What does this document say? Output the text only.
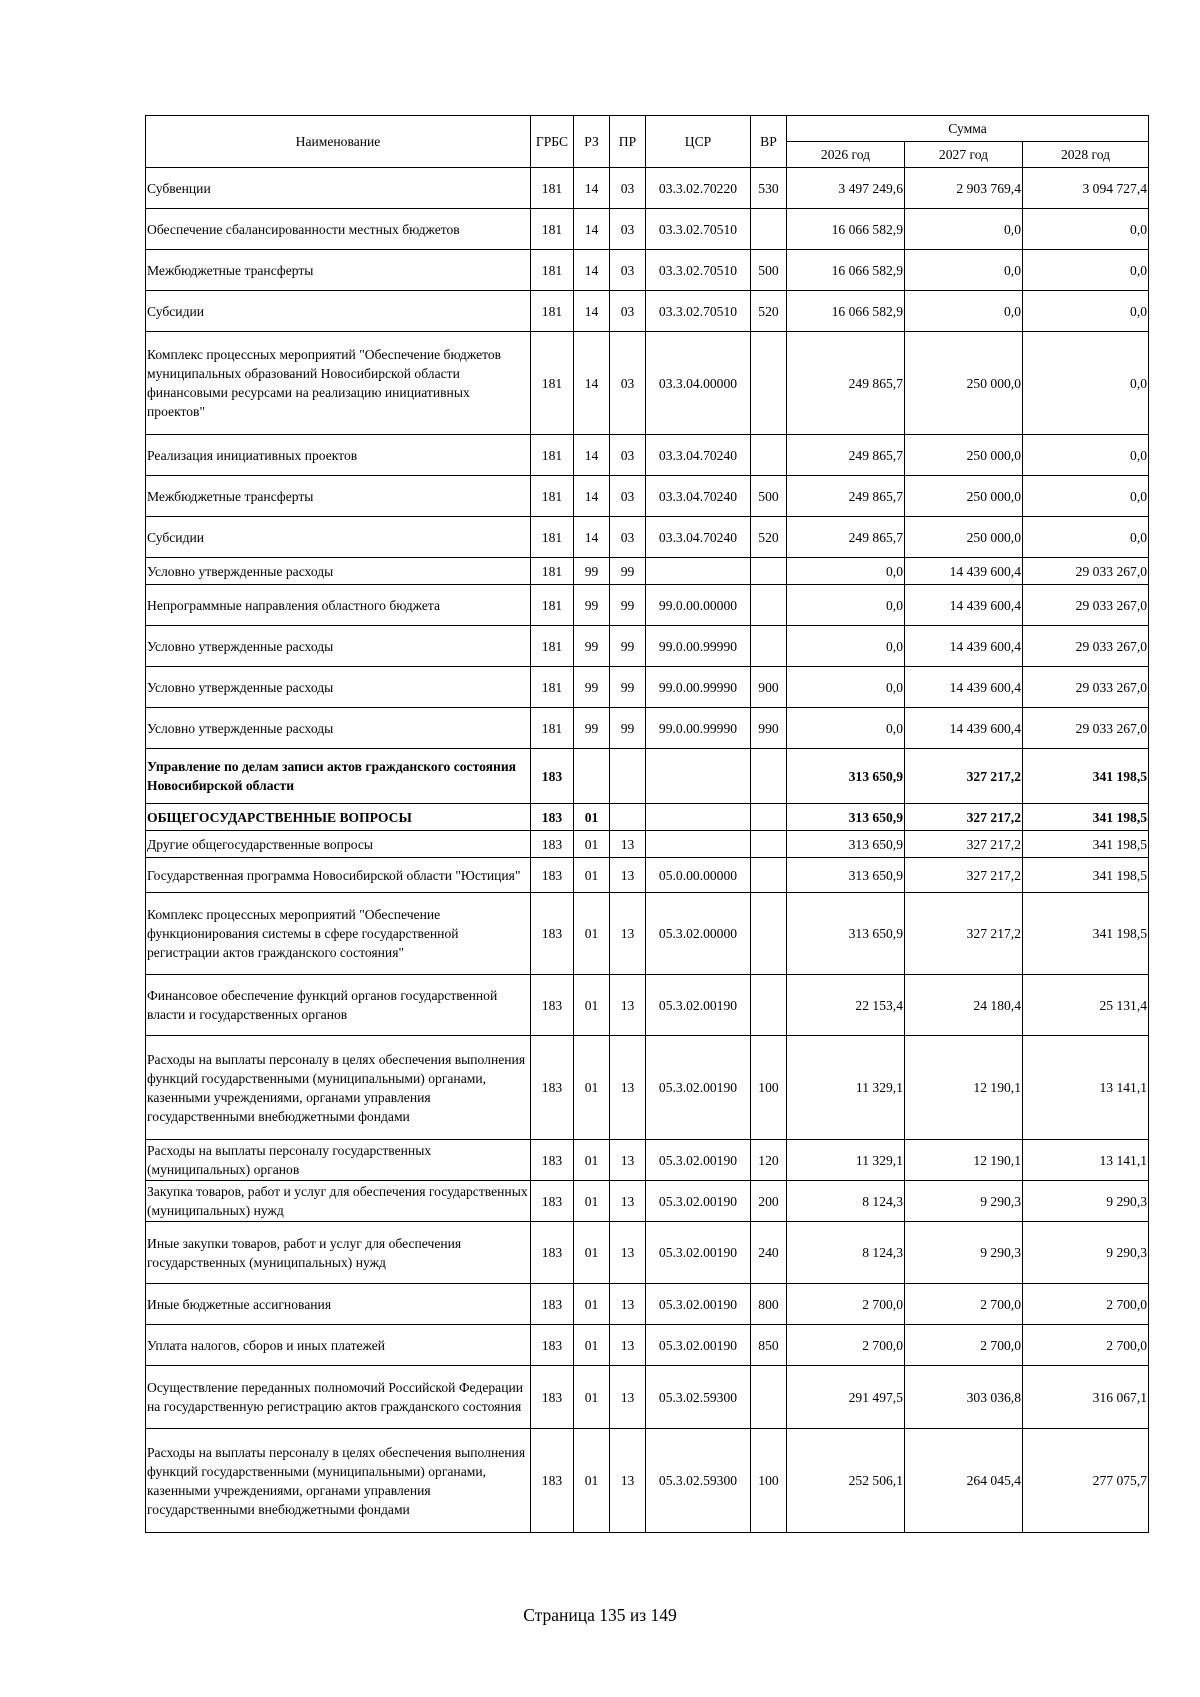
Наименование	ГРБС	РЗ	ПР	ЦСР	ВР	Сумма		
						2026 год	2027 год	2028 год
Субвенции	181	14	03	03.3.02.70220	530	3 497 249,6	2 903 769,4	3 094 727,4
Обеспечение сбалансированности местных бюджетов	181	14	03	03.3.02.70510		16 066 582,9	0,0	0,0
Межбюджетные трансферты	181	14	03	03.3.02.70510	500	16 066 582,9	0,0	0,0
Субсидии	181	14	03	03.3.02.70510	520	16 066 582,9	0,0	0,0
Комплекс процессных мероприятий "Обеспечение бюджетов муниципальных образований Новосибирской области финансовыми ресурсами на реализацию инициативных проектов"	181	14	03	03.3.04.00000		249 865,7	250 000,0	0,0
Реализация инициативных проектов	181	14	03	03.3.04.70240		249 865,7	250 000,0	0,0
Межбюджетные трансферты	181	14	03	03.3.04.70240	500	249 865,7	250 000,0	0,0
Субсидии	181	14	03	03.3.04.70240	520	249 865,7	250 000,0	0,0
Условно утвержденные расходы	181	99	99			0,0	14 439 600,4	29 033 267,0
Непрограммные направления областного бюджета	181	99	99	99.0.00.00000		0,0	14 439 600,4	29 033 267,0
Условно утвержденные расходы	181	99	99	99.0.00.99990		0,0	14 439 600,4	29 033 267,0
Условно утвержденные расходы	181	99	99	99.0.00.99990	900	0,0	14 439 600,4	29 033 267,0
Условно утвержденные расходы	181	99	99	99.0.00.99990	990	0,0	14 439 600,4	29 033 267,0
Управление по делам записи актов гражданского состояния Новосибирской области	183					313 650,9	327 217,2	341 198,5
ОБЩЕГОСУДАРСТВЕННЫЕ ВОПРОСЫ	183	01				313 650,9	327 217,2	341 198,5
Другие общегосударственные вопросы	183	01	13			313 650,9	327 217,2	341 198,5
Государственная программа Новосибирской области "Юстиция"	183	01	13	05.0.00.00000		313 650,9	327 217,2	341 198,5
Комплекс процессных мероприятий "Обеспечение функционирования системы в сфере государственной регистрации актов гражданского состояния"	183	01	13	05.3.02.00000		313 650,9	327 217,2	341 198,5
Финансовое обеспечение функций органов государственной власти и государственных органов	183	01	13	05.3.02.00190		22 153,4	24 180,4	25 131,4
Расходы на выплаты персоналу в целях обеспечения выполнения функций государственными (муниципальными) органами, казенными учреждениями, органами управления государственными внебюджетными фондами	183	01	13	05.3.02.00190	100	11 329,1	12 190,1	13 141,1
Расходы на выплаты персоналу государственных (муниципальных) органов	183	01	13	05.3.02.00190	120	11 329,1	12 190,1	13 141,1
Закупка товаров, работ и услуг для обеспечения государственных (муниципальных) нужд	183	01	13	05.3.02.00190	200	8 124,3	9 290,3	9 290,3
Иные закупки товаров, работ и услуг для обеспечения государственных (муниципальных) нужд	183	01	13	05.3.02.00190	240	8 124,3	9 290,3	9 290,3
Иные бюджетные ассигнования	183	01	13	05.3.02.00190	800	2 700,0	2 700,0	2 700,0
Уплата налогов, сборов и иных платежей	183	01	13	05.3.02.00190	850	2 700,0	2 700,0	2 700,0
Осуществление переданных полномочий Российской Федерации на государственную регистрацию актов гражданского состояния	183	01	13	05.3.02.59300		291 497,5	303 036,8	316 067,1
Расходы на выплаты персоналу в целях обеспечения выполнения функций государственными (муниципальными) органами, казенными учреждениями, органами управления государственными внебюджетными фондами	183	01	13	05.3.02.59300	100	252 506,1	264 045,4	277 075,7
Страница 135 из 149
